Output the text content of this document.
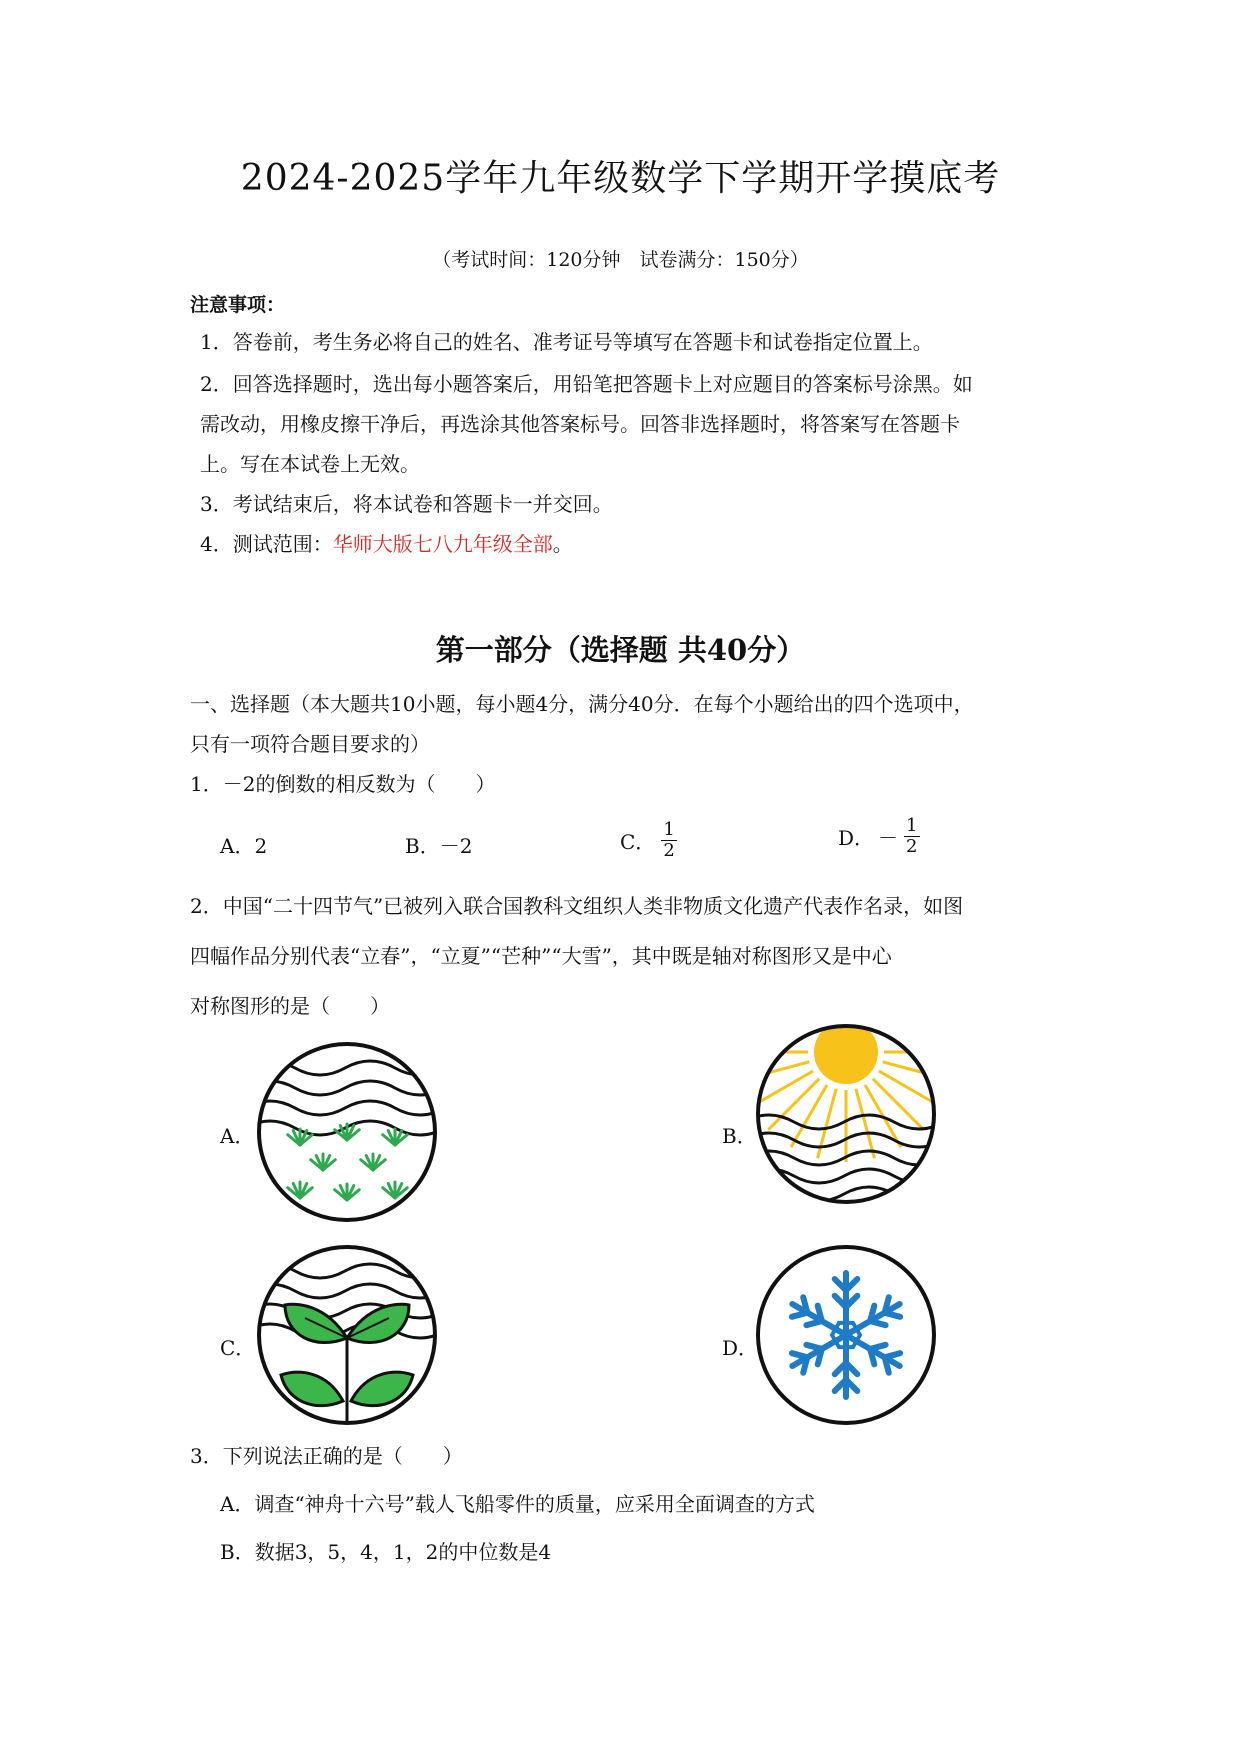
2024-2025学年九年级数学下学期开学摸底考
（考试时间：120分钟　试卷满分：150分）
注意事项：
1．答卷前，考生务必将自己的姓名、准考证号等填写在答题卡和试卷指定位置上。
2．回答选择题时，选出每小题答案后，用铅笔把答题卡上对应题目的答案标号涂黑。如
需改动，用橡皮擦干净后，再选涂其他答案标号。回答非选择题时，将答案写在答题卡
上。写在本试卷上无效。
3．考试结束后，将本试卷和答题卡一并交回。
4．测试范围：华师大版七八九年级全部。
第一部分（选择题 共40分）
一、选择题（本大题共10小题，每小题4分，满分40分．在每个小题给出的四个选项中，
只有一项符合题目要求的）
1．－2的倒数的相反数为（　　）
A．2	B．－2	C． $\frac{1}{2}$	D． － $\frac{1}{2}$
2．中国“二十四节气”已被列入联合国教科文组织人类非物质文化遗产代表作名录，如图
四幅作品分别代表“立春”，“立夏”“芒种”“大雪”，其中既是轴对称图形又是中心
对称图形的是（　　）
A．	B．
C．	D．
3．下列说法正确的是（　　）
A．调查“神舟十六号”载人飞船零件的质量，应采用全面调查的方式
B．数据3，5，4，1，2的中位数是4
